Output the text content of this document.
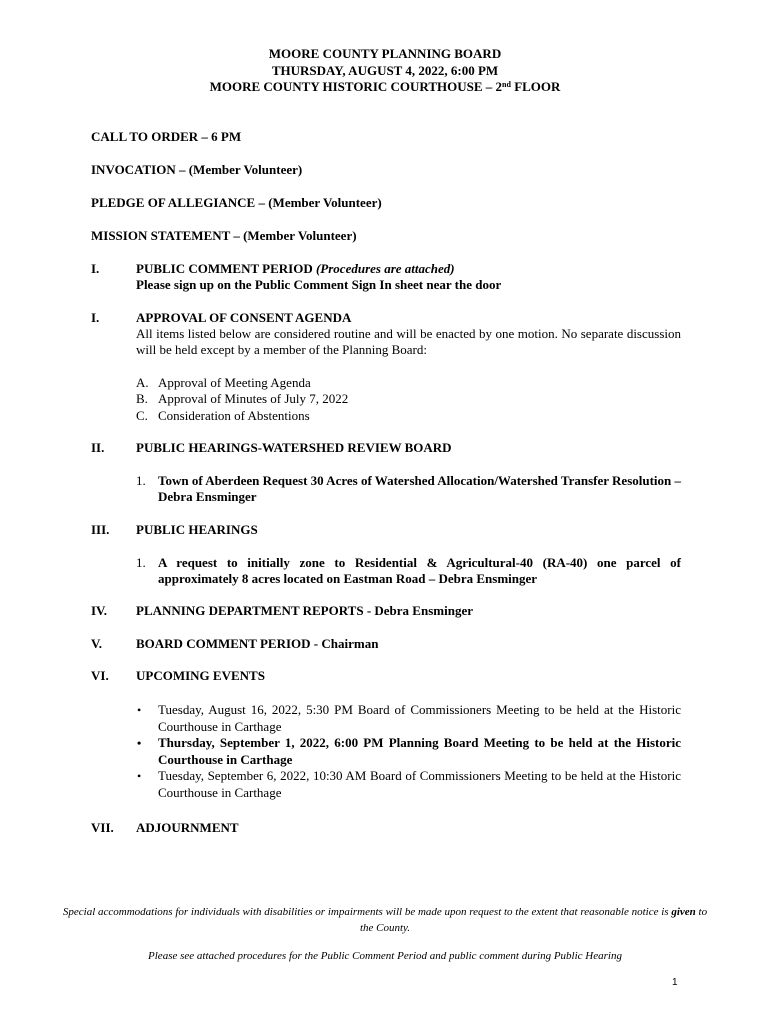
MOORE COUNTY PLANNING BOARD
THURSDAY, AUGUST 4, 2022, 6:00 PM
MOORE COUNTY HISTORIC COURTHOUSE – 2nd FLOOR
CALL TO ORDER – 6 PM
INVOCATION – (Member Volunteer)
PLEDGE OF ALLEGIANCE – (Member Volunteer)
MISSION STATEMENT – (Member Volunteer)
I.	PUBLIC COMMENT PERIOD (Procedures are attached)
Please sign up on the Public Comment Sign In sheet near the door
I.	APPROVAL OF CONSENT AGENDA
All items listed below are considered routine and will be enacted by one motion. No separate discussion will be held except by a member of the Planning Board:
A. Approval of Meeting Agenda
B. Approval of Minutes of July 7, 2022
C. Consideration of Abstentions
II. PUBLIC HEARINGS-WATERSHED REVIEW BOARD
1. Town of Aberdeen Request 30 Acres of Watershed Allocation/Watershed Transfer Resolution – Debra Ensminger
III. PUBLIC HEARINGS
1. A request to initially zone to Residential & Agricultural-40 (RA-40) one parcel of approximately 8 acres located on Eastman Road – Debra Ensminger
IV. PLANNING DEPARTMENT REPORTS - Debra Ensminger
V.	BOARD COMMENT PERIOD - Chairman
VI. UPCOMING EVENTS
• Tuesday, August 16, 2022, 5:30 PM Board of Commissioners Meeting to be held at the Historic Courthouse in Carthage
• Thursday, September 1, 2022, 6:00 PM Planning Board Meeting to be held at the Historic Courthouse in Carthage
• Tuesday, September 6, 2022, 10:30 AM Board of Commissioners Meeting to be held at the Historic Courthouse in Carthage
VII. ADJOURNMENT
Special accommodations for individuals with disabilities or impairments will be made upon request to the extent that reasonable notice is given to the County.
Please see attached procedures for the Public Comment Period and public comment during Public Hearing
1
